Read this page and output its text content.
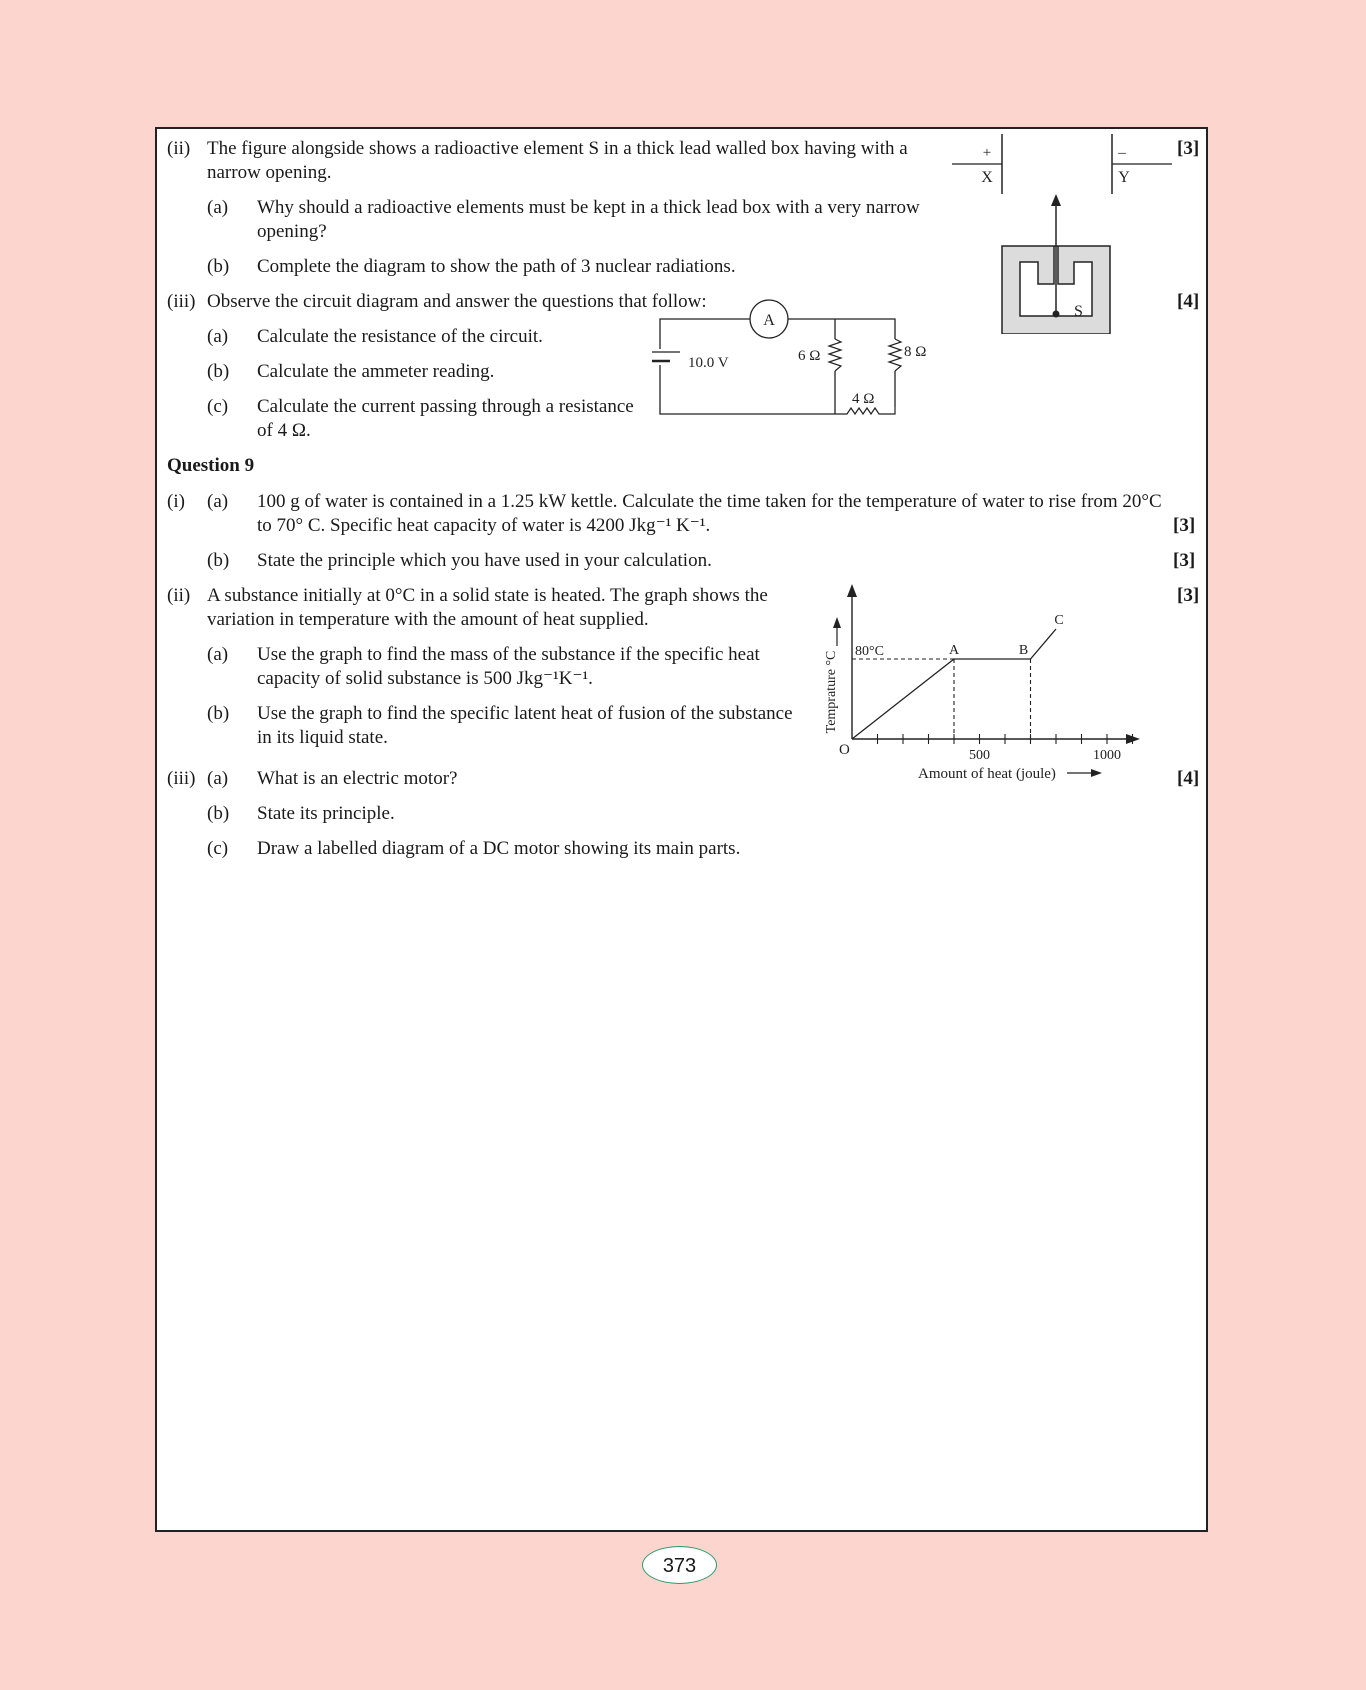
(ii) The figure alongside shows a radioactive element S in a thick lead walled box having with a
narrow opening.
[3]
(a) Why should a radioactive elements must be kept in a thick lead box with a very narrow
opening?
(b) Complete the diagram to show the path of 3 nuclear radiations.
(iii) Observe the circuit diagram and answer the questions that follow:	[4]
(a) Calculate the resistance of the circuit.
(b) Calculate the ammeter reading.
(c) Calculate the current passing through a resistance
of 4 Ω.
Question 9
(i) (a) 100 g of water is contained in a 1.25 kW kettle. Calculate the time taken for the temperature of water to rise from 20°C
to 70° C. Specific heat capacity of water is 4200 Jkg⁻¹ K⁻¹.	[3]
(b) State the principle which you have used in your calculation.	[3]
(ii) A substance initially at 0°C in a solid state is heated. The graph shows the
variation in temperature with the amount of heat supplied.
[3]
(a) Use the graph to find the mass of the substance if the specific heat
capacity of solid substance is 500 Jkg⁻¹K⁻¹.
(b) Use the graph to find the specific latent heat of fusion of the substance
in its liquid state.
(iii) (a) What is an electric motor?	[4]
(b) State its principle.
(c) Draw a labelled diagram of a DC motor showing its main parts.
+
X
–
Y
S
10.0 V
A
6 Ω	8 Ω
4 Ω
500	1000
80°C	A	B
C
O
Temprature °C
Amount of heat (joule)
373
